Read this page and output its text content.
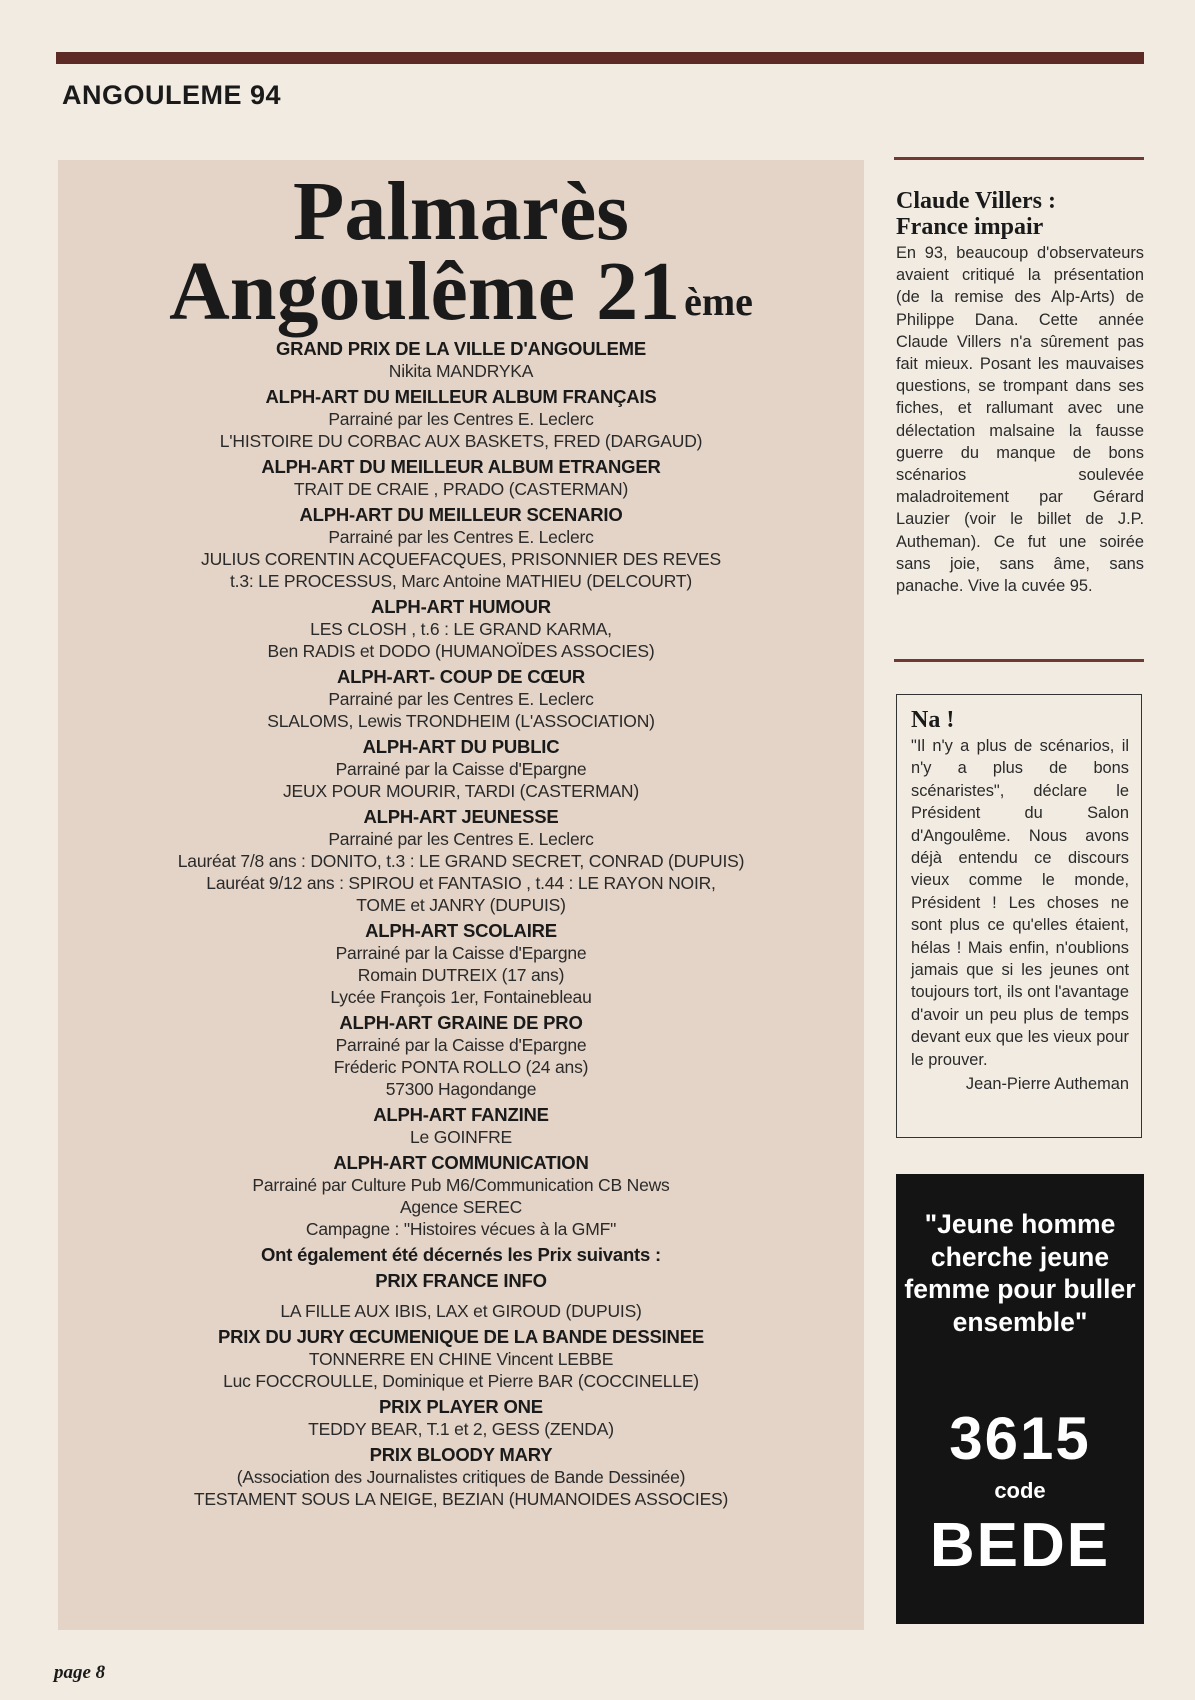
ANGOULEME 94
Palmarès
Angoulême 21 $^{ème}$
GRAND PRIX DE LA VILLE D'ANGOULEME
Nikita MANDRYKA
ALPH-ART DU MEILLEUR ALBUM FRANÇAIS
Parrainé par les Centres E. Leclerc
L'HISTOIRE DU CORBAC AUX BASKETS, FRED (DARGAUD)
ALPH-ART DU MEILLEUR ALBUM ETRANGER
TRAIT DE CRAIE , PRADO (CASTERMAN)
ALPH-ART DU MEILLEUR SCENARIO
Parrainé par les Centres E. Leclerc
JULIUS CORENTIN ACQUEFACQUES, PRISONNIER DES REVES
t.3: LE PROCESSUS, Marc Antoine MATHIEU (DELCOURT)
ALPH-ART HUMOUR
LES CLOSH , t.6 : LE GRAND KARMA,
Ben RADIS et DODO (HUMANOÏDES ASSOCIES)
ALPH-ART- COUP DE CŒUR
Parrainé par les Centres E. Leclerc
SLALOMS, Lewis TRONDHEIM (L'ASSOCIATION)
ALPH-ART DU PUBLIC
Parrainé par la Caisse d'Epargne
JEUX POUR MOURIR, TARDI (CASTERMAN)
ALPH-ART JEUNESSE
Parrainé par les Centres E. Leclerc
Lauréat 7/8 ans : DONITO, t.3 : LE GRAND SECRET, CONRAD (DUPUIS)
Lauréat 9/12 ans : SPIROU et FANTASIO , t.44 : LE RAYON NOIR,
TOME et JANRY (DUPUIS)
ALPH-ART SCOLAIRE
Parrainé par la Caisse d'Epargne
Romain DUTREIX (17 ans)
Lycée François 1er, Fontainebleau
ALPH-ART GRAINE DE PRO
Parrainé par la Caisse d'Epargne
Fréderic PONTA ROLLO (24 ans)
57300 Hagondange
ALPH-ART FANZINE
Le GOINFRE
ALPH-ART COMMUNICATION
Parrainé par Culture Pub M6/Communication CB News
Agence SEREC
Campagne : "Histoires vécues à la GMF"
Ont également été décernés les Prix suivants :
PRIX FRANCE INFO
LA FILLE AUX IBIS, LAX et GIROUD (DUPUIS)
PRIX DU JURY ŒCUMENIQUE DE LA BANDE DESSINEE
TONNERRE EN CHINE Vincent LEBBE
Luc FOCCROULLE, Dominique et Pierre BAR (COCCINELLE)
PRIX PLAYER ONE
TEDDY BEAR, T.1 et 2, GESS (ZENDA)
PRIX BLOODY MARY
(Association des Journalistes critiques de Bande Dessinée)
TESTAMENT SOUS LA NEIGE, BEZIAN (HUMANOIDES ASSOCIES)
Claude Villers :
France impair

En 93, beaucoup d'observateurs avaient critiqué la présentation (de la remise des Alp-Arts) de Philippe Dana. Cette année Claude Villers n'a sûrement pas fait mieux. Posant les mauvaises questions, se trompant dans ses fiches, et rallumant avec une délectation malsaine la fausse guerre du manque de bons scénarios soulevée maladroitement par Gérard Lauzier (voir le billet de J.P. Autheman). Ce fut une soirée sans joie, sans âme, sans panache. Vive la cuvée 95.

Na !

"Il n'y a plus de scénarios, il n'y a plus de bons scénaristes", déclare le Président du Salon d'Angoulême. Nous avons déjà entendu ce discours vieux comme le monde, Président ! Les choses ne sont plus ce qu'elles étaient, hélas ! Mais enfin, n'oublions jamais que si les jeunes ont toujours tort, ils ont l'avantage d'avoir un peu plus de temps devant eux que les vieux pour le prouver.

Jean-Pierre Autheman
"Jeune homme cherche jeune femme pour buller ensemble"
3615
code
BEDE
page 8
